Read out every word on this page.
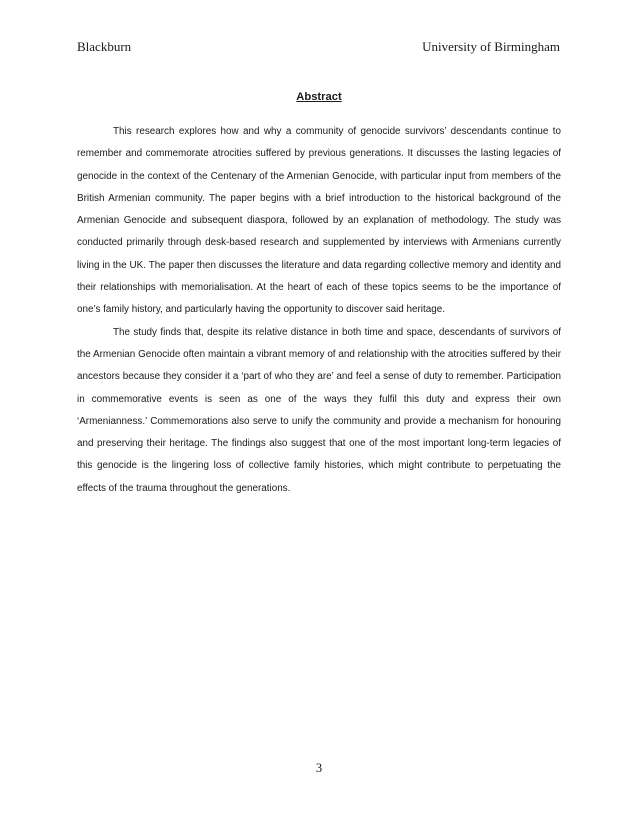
Blackburn	University of Birmingham
Abstract

This research explores how and why a community of genocide survivors’ descendants continue to remember and commemorate atrocities suffered by previous generations. It discusses the lasting legacies of genocide in the context of the Centenary of the Armenian Genocide, with particular input from members of the British Armenian community. The paper begins with a brief introduction to the historical background of the Armenian Genocide and subsequent diaspora, followed by an explanation of methodology. The study was conducted primarily through desk-based research and supplemented by interviews with Armenians currently living in the UK. The paper then discusses the literature and data regarding collective memory and identity and their relationships with memorialisation. At the heart of each of these topics seems to be the importance of one’s family history, and particularly having the opportunity to discover said heritage.

The study finds that, despite its relative distance in both time and space, descendants of survivors of the Armenian Genocide often maintain a vibrant memory of and relationship with the atrocities suffered by their ancestors because they consider it a ‘part of who they are’ and feel a sense of duty to remember. Participation in commemorative events is seen as one of the ways they fulfil this duty and express their own ‘Armenianness.’ Commemorations also serve to unify the community and provide a mechanism for honouring and preserving their heritage. The findings also suggest that one of the most important long-term legacies of this genocide is the lingering loss of collective family histories, which might contribute to perpetuating the effects of the trauma throughout the generations.

3
